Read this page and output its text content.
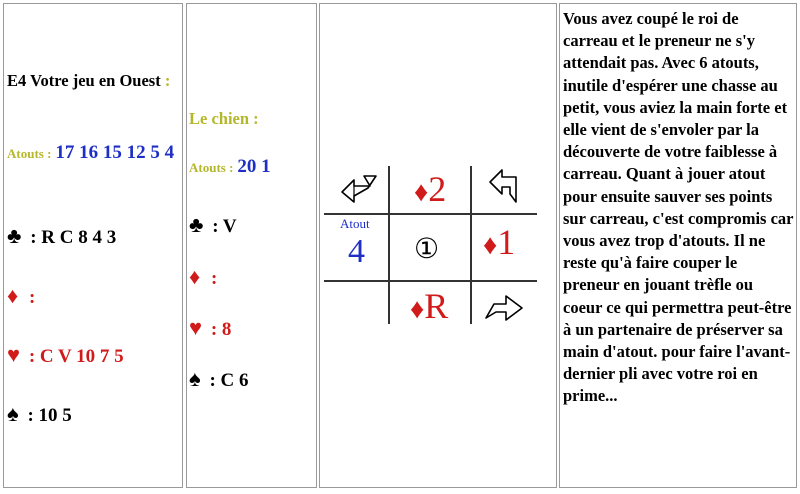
E4 Votre jeu en Ouest :
Atouts : 17 16 15 12 5 4
♣ : R C 8 4 3
♦ :
♥ : C V 10 7 5
♠ : 10 5
Le chien :
Atouts : 20 1
♣ : V
♦ :
♥ : 8
♠ : C 6
♦2
Atout
4 ① ♦1
♦R
Vous avez coupé le roi de carreau et le preneur ne s'y attendait pas. Avec 6 atouts, inutile d'espérer une chasse au petit, vous aviez la main forte et elle vient de s'envoler par la découverte de votre faiblesse à carreau. Quant à jouer atout pour ensuite sauver ses points sur carreau, c'est compromis car vous avez trop d'atouts. Il ne reste qu'à faire couper le preneur en jouant trèfle ou coeur ce qui permettra peut-être à un partenaire de préserver sa main d'atout. pour faire l'avant-dernier pli avec votre roi en prime...
